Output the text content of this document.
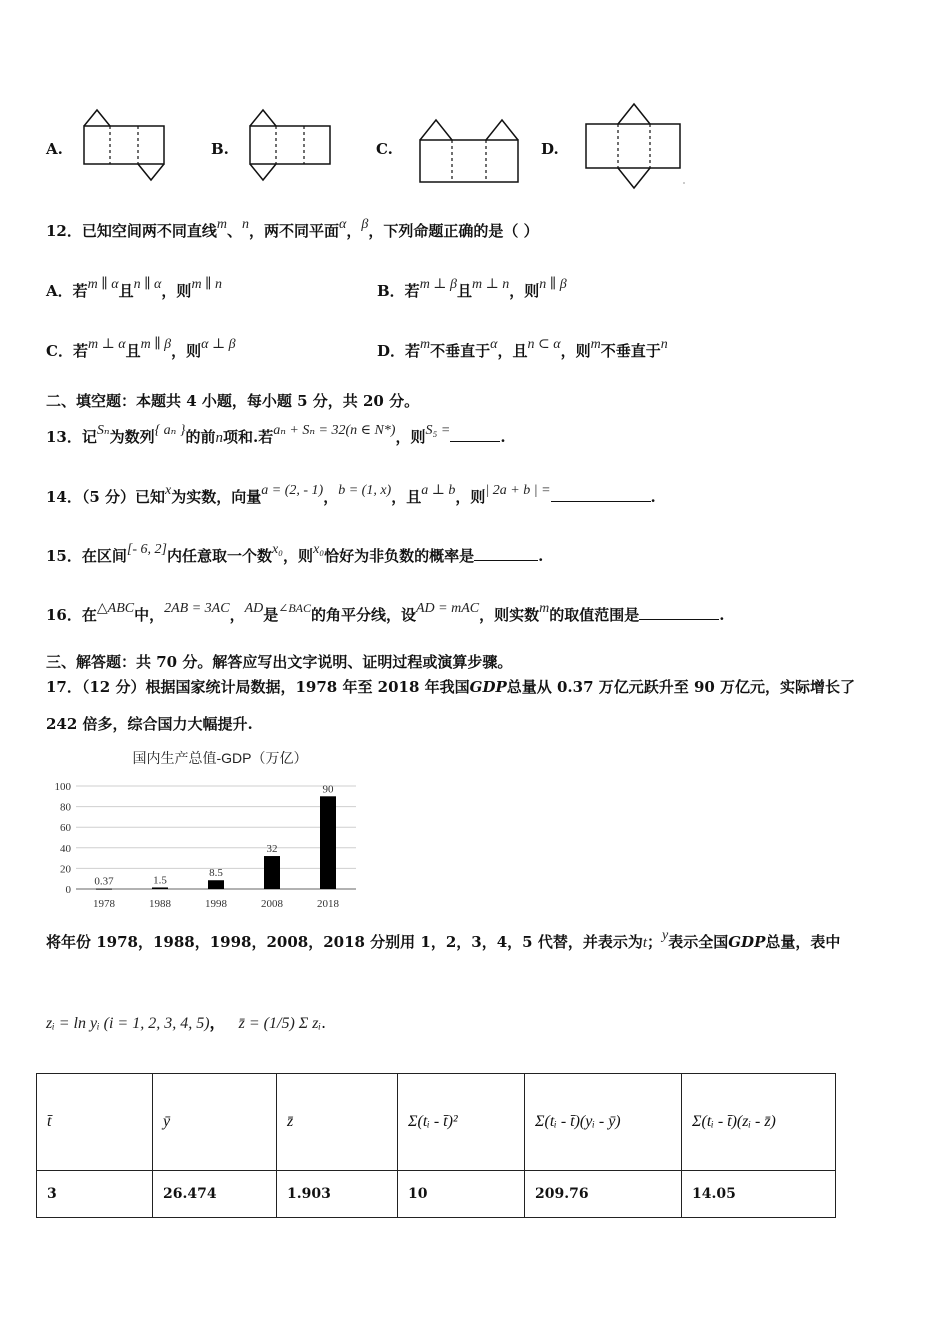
A.	B.	C.	D.
12．已知空间两不同直线m、n，两不同平面α，β，下列命题正确的是（ ）
A．若m ∥ α且n ∥ α，则m ∥ n	B．若m ⊥ β且m ⊥ n，则n ∥ β
C．若m ⊥ α且m ∥ β，则α ⊥ β	D．若m不垂直于α，且n ⊂ α，则m不垂直于n
二、填空题：本题共 4 小题，每小题 5 分，共 20 分。
13．记Sₙ为数列{ aₙ }的前n项和.若aₙ + Sₙ = 32(n ∈ N*)，则S₅ =	.
14．（5 分）已知x为实数，向量a = (2, - 1)，b = (1, x)，且a ⊥ b，则| 2a + b | =	.
15．在区间[- 6, 2]内任意取一个数x₀，则x₀恰好为非负数的概率是	.
16．在△ABC中，2AB = 3AC，AD是$^{\angle BAC}$的角平分线，设AD = mAC，则实数m的取值范围是	.
三、解答题：共 70 分。解答应写出文字说明、证明过程或演算步骤。
17．（12 分）根据国家统计局数据，1978 年至 2018 年我国GDP总量从 0.37 万亿元跃升至 90 万亿元，实际增长了
242 倍多，综合国力大幅提升.
国内生产总值-GDP（万亿）
0
20
40
60
80
100
0.37
1978
1.5
1988
8.5
1998
32
2008
90
2018
将年份 1978，1988，1998，2008，2018 分别用 1，2，3，4，5 代替，并表示为t；y表示全国GDP总量，表中
zᵢ = ln yᵢ (i = 1, 2, 3, 4, 5)， z̄ = (1/5) Σ zᵢ.
t̄	ȳ	z̄	Σ(tᵢ - t̄)²	Σ(tᵢ - t̄)(yᵢ - ȳ)	Σ(tᵢ - t̄)(zᵢ - z̄)
3	26.474	1.903	10	209.76	14.05
